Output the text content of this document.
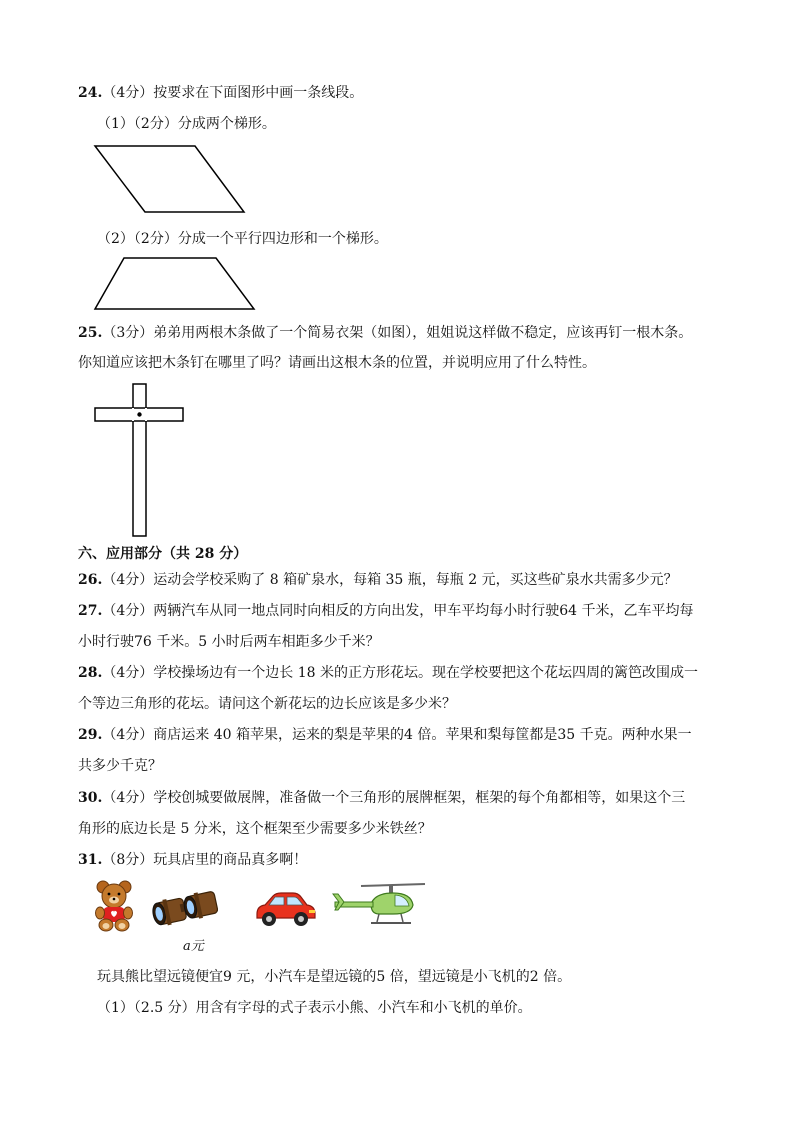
24.（4分）按要求在下面图形中画一条线段。
（1）（2分）分成两个梯形。
（2）（2分）分成一个平行四边形和一个梯形。
25.（3分）弟弟用两根木条做了一个简易衣架（如图），姐姐说这样做不稳定，应该再钉一根木条。
你知道应该把木条钉在哪里了吗？请画出这根木条的位置，并说明应用了什么特性。
六、应用部分（共 28 分）
26.（4分）运动会学校采购了 8 箱矿泉水，每箱 35 瓶，每瓶 2 元，买这些矿泉水共需多少元？
27.（4分）两辆汽车从同一地点同时向相反的方向出发，甲车平均每小时行驶64 千米，乙车平均每
小时行驶76 千米。5 小时后两车相距多少千米？
28.（4分）学校操场边有一个边长 18 米的正方形花坛。现在学校要把这个花坛四周的篱笆改围成一
个等边三角形的花坛。请问这个新花坛的边长应该是多少米？
29.（4分）商店运来 40 箱苹果，运来的梨是苹果的4 倍。苹果和梨每筐都是35 千克。两种水果一
共多少千克？
30.（4分）学校创城要做展牌，准备做一个三角形的展牌框架，框架的每个角都相等，如果这个三
角形的底边长是 5 分米，这个框架至少需要多少米铁丝？
31.（8分）玩具店里的商品真多啊！
a元
玩具熊比望远镜便宜9 元，小汽车是望远镜的5 倍，望远镜是小飞机的2 倍。
（1）（2.5 分）用含有字母的式子表示小熊、小汽车和小飞机的单价。
